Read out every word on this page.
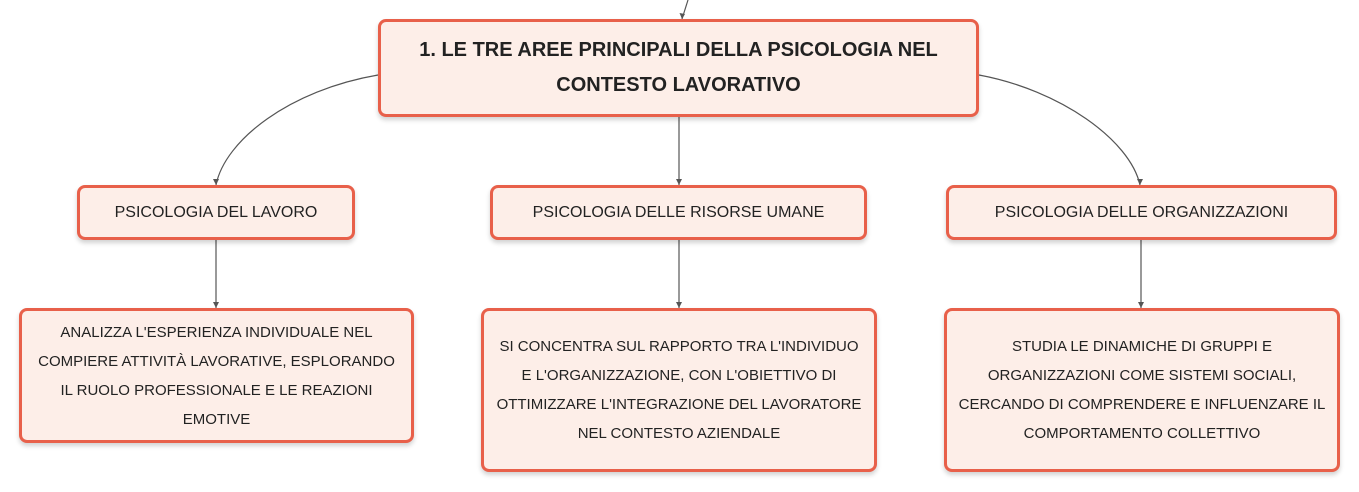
1. LE TRE AREE PRINCIPALI DELLA PSICOLOGIA NEL CONTESTO LAVORATIVO
PSICOLOGIA DEL LAVORO	PSICOLOGIA DELLE RISORSE UMANE	PSICOLOGIA DELLE ORGANIZZAZIONI
ANALIZZA L'ESPERIENZA INDIVIDUALE NEL COMPIERE ATTIVITÀ LAVORATIVE, ESPLORANDO IL RUOLO PROFESSIONALE E LE REAZIONI EMOTIVE
SI CONCENTRA SUL RAPPORTO TRA L'INDIVIDUO E L'ORGANIZZAZIONE, CON L'OBIETTIVO DI OTTIMIZZARE L'INTEGRAZIONE DEL LAVORATORE NEL CONTESTO AZIENDALE
STUDIA LE DINAMICHE DI GRUPPI E ORGANIZZAZIONI COME SISTEMI SOCIALI, CERCANDO DI COMPRENDERE E INFLUENZARE IL COMPORTAMENTO COLLETTIVO
